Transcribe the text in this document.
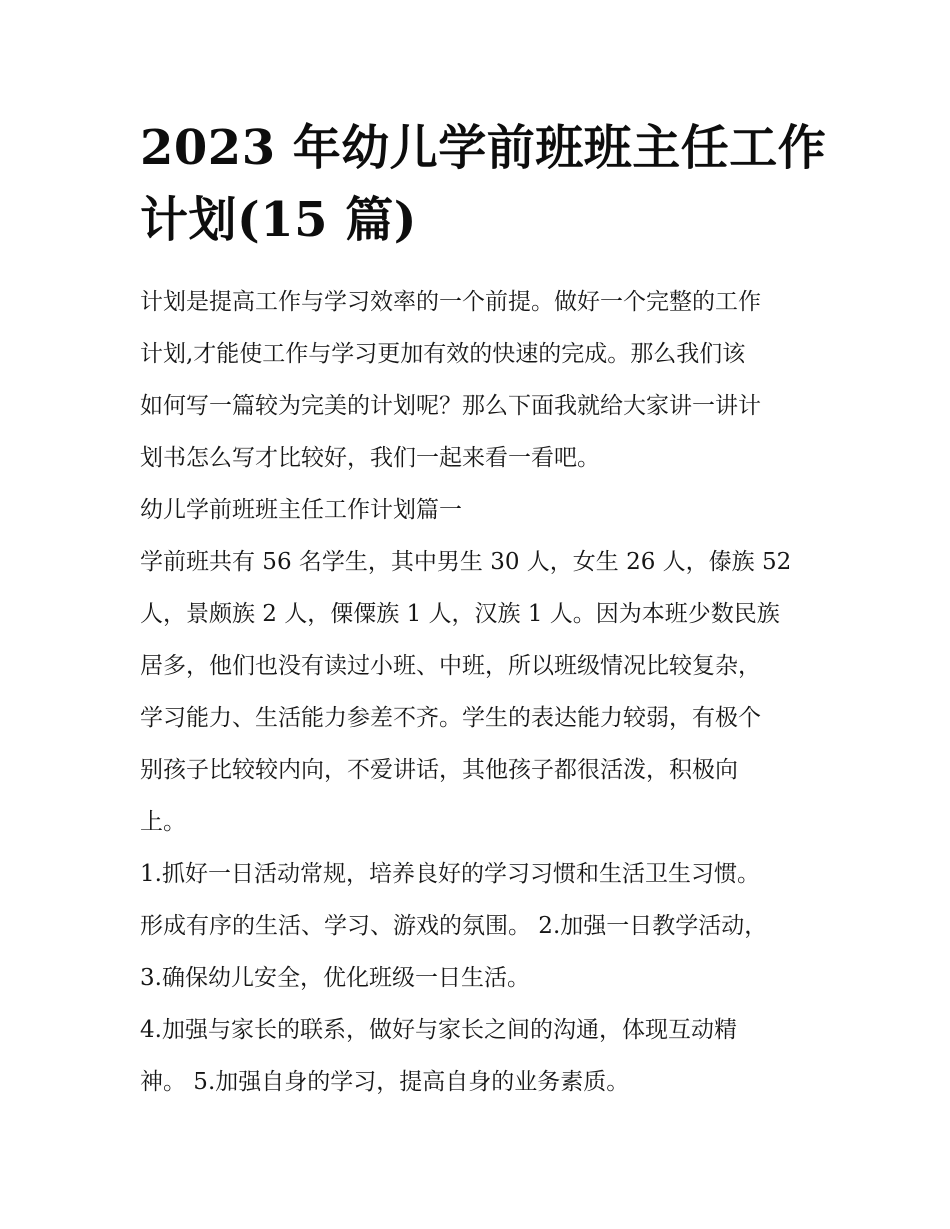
2023 年幼儿学前班班主任工作
计划(15 篇)

计划是提高工作与学习效率的一个前提。做好一个完整的工作
计划,才能使工作与学习更加有效的快速的完成。那么我们该
如何写一篇较为完美的计划呢？那么下面我就给大家讲一讲计
划书怎么写才比较好，我们一起来看一看吧。

幼儿学前班班主任工作计划篇一

学前班共有 56 名学生，其中男生 30 人，女生 26 人，傣族 52
人，景颇族 2 人，傈僳族 1 人，汉族 1 人。因为本班少数民族
居多，他们也没有读过小班、中班，所以班级情况比较复杂，
学习能力、生活能力参差不齐。学生的表达能力较弱，有极个
别孩子比较较内向，不爱讲话，其他孩子都很活泼，积极向
上。

1.抓好一日活动常规，培养良好的学习习惯和生活卫生习惯。
形成有序的生活、学习、游戏的氛围。 2.加强一日教学活动，
3.确保幼儿安全，优化班级一日生活。

4.加强与家长的联系，做好与家长之间的沟通，体现互动精
神。 5.加强自身的学习，提高自身的业务素质。
